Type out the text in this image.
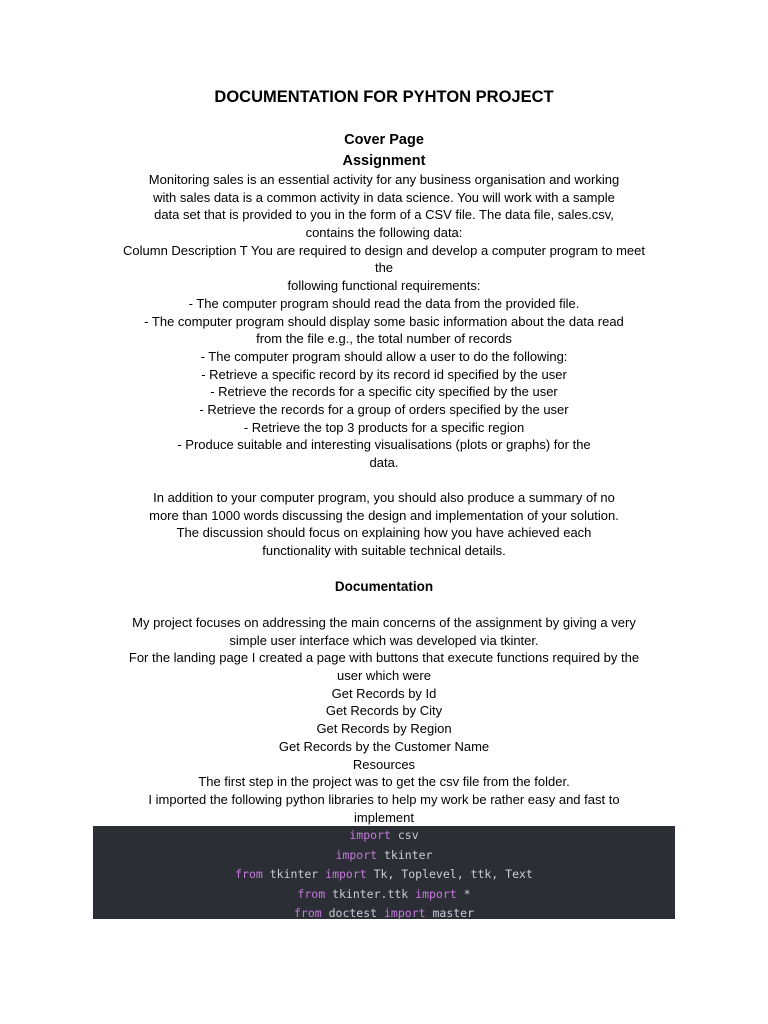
DOCUMENTATION FOR PYHTON PROJECT
Cover Page
Assignment
Monitoring sales is an essential activity for any business organisation and working
with sales data is a common activity in data science. You will work with a sample
data set that is provided to you in the form of a CSV file. The data file, sales.csv,
contains the following data:
Column Description T You are required to design and develop a computer program to meet
the
following functional requirements:
- The computer program should read the data from the provided file.
- The computer program should display some basic information about the data read
from the file e.g., the total number of records
- The computer program should allow a user to do the following:
- Retrieve a specific record by its record id specified by the user
- Retrieve the records for a specific city specified by the user
- Retrieve the records for a group of orders specified by the user
- Retrieve the top 3 products for a specific region
- Produce suitable and interesting visualisations (plots or graphs) for the
data.
In addition to your computer program, you should also produce a summary of no
more than 1000 words discussing the design and implementation of your solution.
The discussion should focus on explaining how you have achieved each
functionality with suitable technical details.
Documentation
My project focuses on addressing the main concerns of the assignment by giving a very
simple user interface which was developed via tkinter.
For the landing page I created a page with buttons that execute functions required by the
user which were
Get Records by Id
Get Records by City
Get Records by Region
Get Records by the Customer Name
Resources
The first step in the project was to get the csv file from the folder.
I imported the following python libraries to help my work be rather easy and fast to
implement
import csv
import tkinter
from tkinter import Tk, Toplevel, ttk, Text
from tkinter.ttk import *
from doctest import master
